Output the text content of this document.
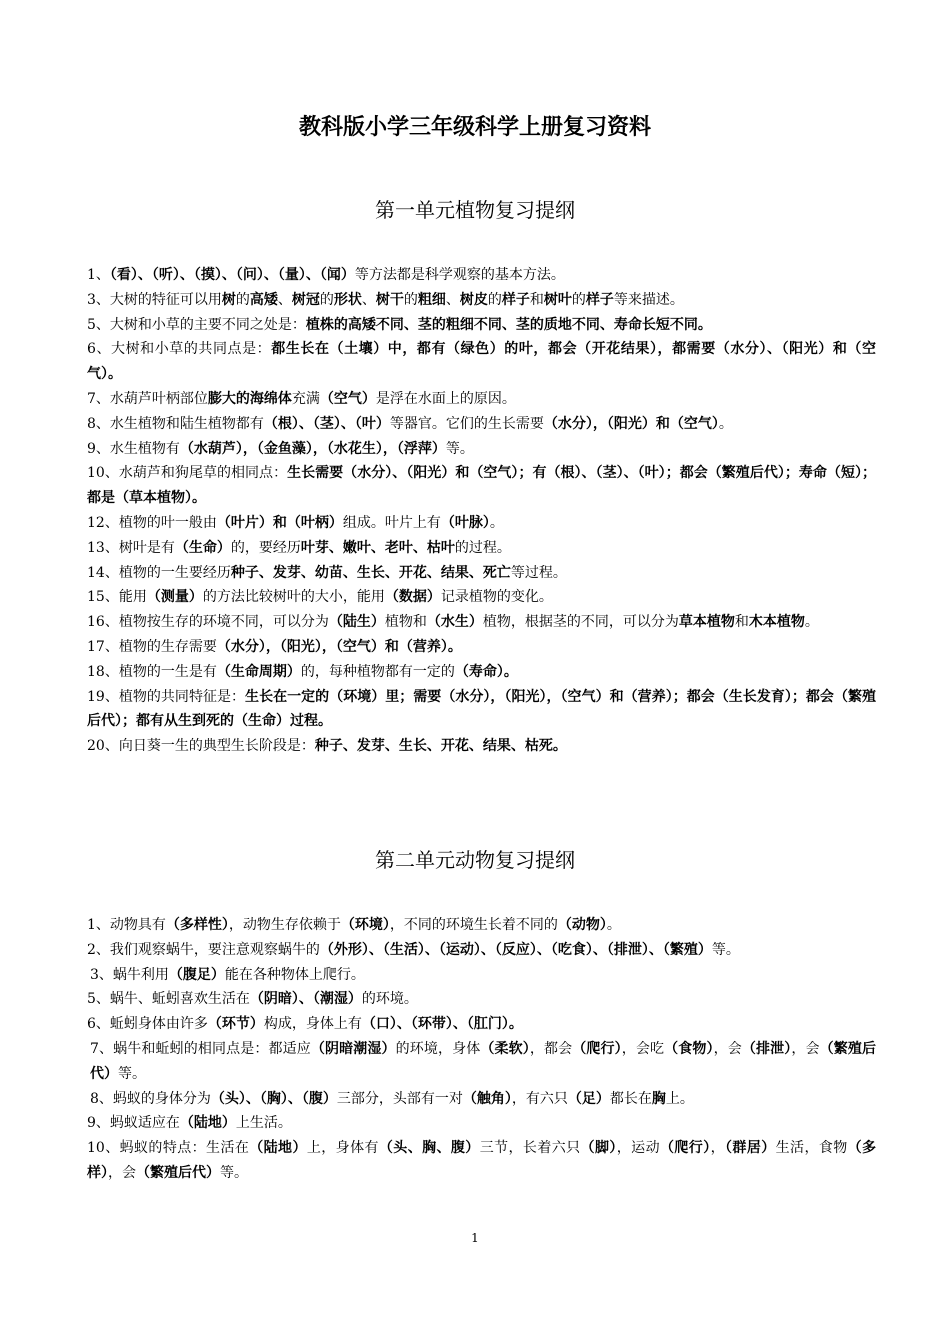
教科版小学三年级科学上册复习资料
第一单元植物复习提纲
1、（看）、（听）、（摸）、（问）、（量）、（闻）等方法都是科学观察的基本方法。
3、大树的特征可以用树的高矮、树冠的形状、树干的粗细、树皮的样子和树叶的样子等来描述。
5、大树和小草的主要不同之处是：植株的高矮不同、茎的粗细不同、茎的质地不同、寿命长短不同。
6、大树和小草的共同点是：都生长在（土壤）中，都有（绿色）的叶，都会（开花结果），都需要（水分）、（阳光）和（空气）。
7、水葫芦叶柄部位膨大的海绵体充满（空气）是浮在水面上的原因。
8、水生植物和陆生植物都有（根）、（茎）、（叶）等器官。它们的生长需要（水分），（阳光）和（空气）。
9、水生植物有（水葫芦），（金鱼藻），（水花生），（浮萍）等。
10、水葫芦和狗尾草的相同点：生长需要（水分）、（阳光）和（空气）；有（根）、（茎）、（叶）；都会（繁殖后代）；寿命（短）；都是（草本植物）。
12、植物的叶一般由（叶片）和（叶柄）组成。叶片上有（叶脉）。
13、树叶是有（生命）的，要经历叶芽、嫩叶、老叶、枯叶的过程。
14、植物的一生要经历种子、发芽、幼苗、生长、开花、结果、死亡等过程。
15、能用（测量）的方法比较树叶的大小，能用（数据）记录植物的变化。
16、植物按生存的环境不同，可以分为（陆生）植物和（水生）植物，根据茎的不同，可以分为草本植物和木本植物。
17、植物的生存需要（水分），（阳光），（空气）和（营养）。
18、植物的一生是有（生命周期）的，每种植物都有一定的（寿命）。
19、植物的共同特征是：生长在一定的（环境）里；需要（水分），（阳光），（空气）和（营养）；都会（生长发育）；都会（繁殖后代）；都有从生到死的（生命）过程。
20、向日葵一生的典型生长阶段是：种子、发芽、生长、开花、结果、枯死。
第二单元动物复习提纲
1、动物具有（多样性），动物生存依赖于（环境），不同的环境生长着不同的（动物）。
2、我们观察蜗牛，要注意观察蜗牛的（外形）、（生活）、（运动）、（反应）、（吃食）、（排泄）、（繁殖）等。
3、蜗牛利用（腹足）能在各种物体上爬行。
5、蜗牛、蚯蚓喜欢生活在（阴暗）、（潮湿）的环境。
6、蚯蚓身体由许多（环节）构成，身体上有（口）、（环带）、（肛门）。
7、蜗牛和蚯蚓的相同点是：都适应（阴暗潮湿）的环境，身体（柔软），都会（爬行），会吃（食物），会（排泄），会（繁殖后代）等。
8、蚂蚁的身体分为（头）、（胸）、（腹）三部分，头部有一对（触角），有六只（足）都长在胸上。
9、蚂蚁适应在（陆地）上生活。
10、蚂蚁的特点：生活在（陆地）上，身体有（头、胸、腹）三节，长着六只（脚），运动（爬行），（群居）生活，食物（多样），会（繁殖后代）等。
1
